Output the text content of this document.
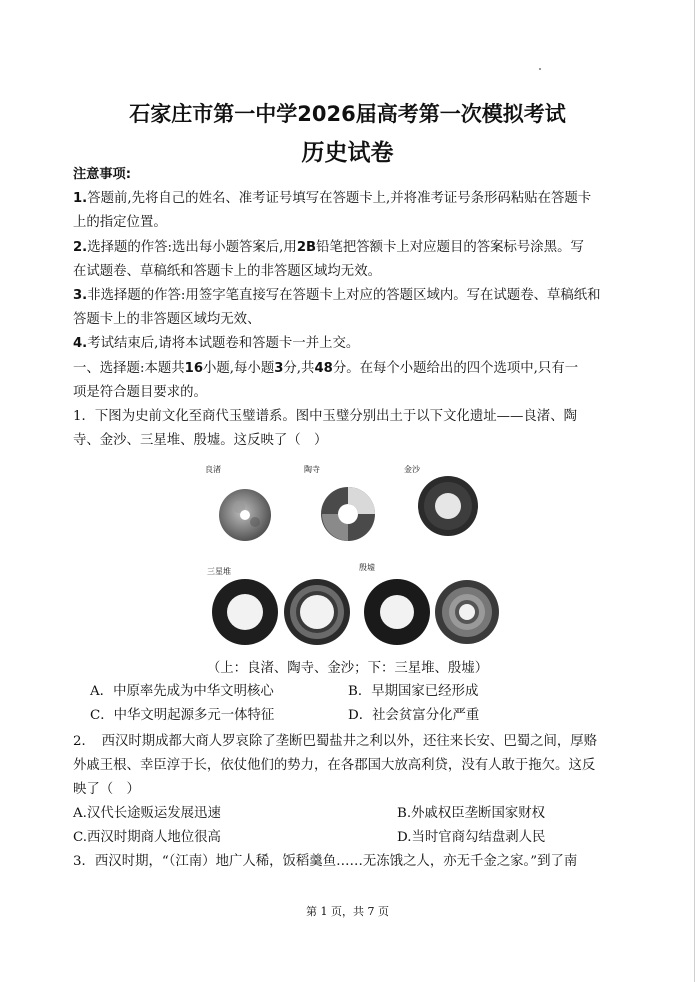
石家庄市第一中学2026届高考第一次模拟考试
历史试卷

注意事项:

1.答题前,先将自己的姓名、准考证号填写在答题卡上,并将准考证号条形码粘贴在答题卡

上的指定位置。

2.选择题的作答:选出每小题答案后,用2B铅笔把答额卡上对应题目的答案标号涂黑。写

在试题卷、草稿纸和答题卡上的非答题区域均无效。

3.非选择题的作答:用签字笔直接写在答题卡上对应的答题区域内。写在试题卷、草稿纸和

答题卡上的非答题区域均无效、

4.考试结束后,请将本试题卷和答题卡一并上交。

一、选择题:本题共16小题,每小题3分,共48分。在每个小题给出的四个选项中,只有一

项是符合题目要求的。

1．下图为史前文化至商代玉璧谱系。图中玉璧分别出土于以下文化遗址——良渚、陶

寺、金沙、三星堆、殷墟。这反映了（　）

良渚	陶寺	金沙
三星堆	殷墟
（上：良渚、陶寺、金沙；下：三星堆、殷墟）
A．中原率先成为中华文明核心	B．早期国家已经形成
C．中华文明起源多元一体特征	D．社会贫富分化严重

2．　西汉时期成都大商人罗哀除了垄断巴蜀盐井之利以外，还往来长安、巴蜀之间，厚赂

外戚王根、幸臣淳于长，依仗他们的势力，在各郡国大放高利贷，没有人敢于拖欠。这反

映了（　）

A.汉代长途贩运发展迅速	B.外戚权臣垄断国家财权
C.西汉时期商人地位很高	D.当时官商勾结盘剥人民

3．西汉时期，“（江南）地广人稀，饭稻羹鱼……无冻饿之人，亦无千金之家。”到了南

第 1 页，共 7 页
